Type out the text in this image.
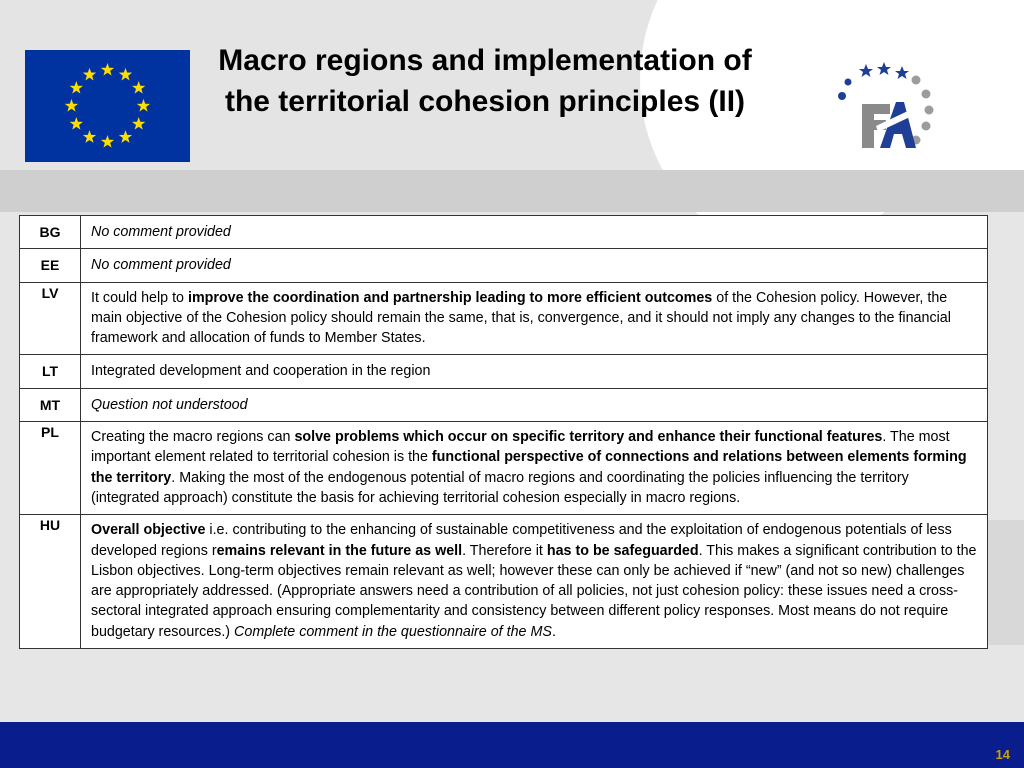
Macro regions and implementation of the territorial cohesion principles (II)
BG	No comment provided
EE	No comment provided
LV	It could help to improve the coordination and partnership leading to more efficient outcomes of the Cohesion policy. However, the main objective of the Cohesion policy should remain the same, that is, convergence, and it should not imply any changes to the financial framework and allocation of funds to Member States.
LT	Integrated development and cooperation in the region
MT	Question not understood
PL	Creating the macro regions can solve problems which occur on specific territory and enhance their functional features. The most important element related to territorial cohesion is the functional perspective of connections and relations between elements forming the territory. Making the most of the endogenous potential of macro regions and coordinating the policies influencing the territory (integrated approach) constitute the basis for achieving territorial cohesion especially in macro regions.
HU	Overall objective i.e. contributing to the enhancing of sustainable competitiveness and the exploitation of endogenous potentials of less developed regions remains relevant in the future as well. Therefore it has to be safeguarded. This makes a significant contribution to the Lisbon objectives. Long-term objectives remain relevant as well; however these can only be achieved if “new” (and not so new) challenges are appropriately addressed. (Appropriate answers need a contribution of all policies, not just cohesion policy: these issues need a cross-sectoral integrated approach ensuring complementarity and consistency between different policy responses. Most means do not require budgetary resources.) Complete comment in the questionnaire of the MS.
14
